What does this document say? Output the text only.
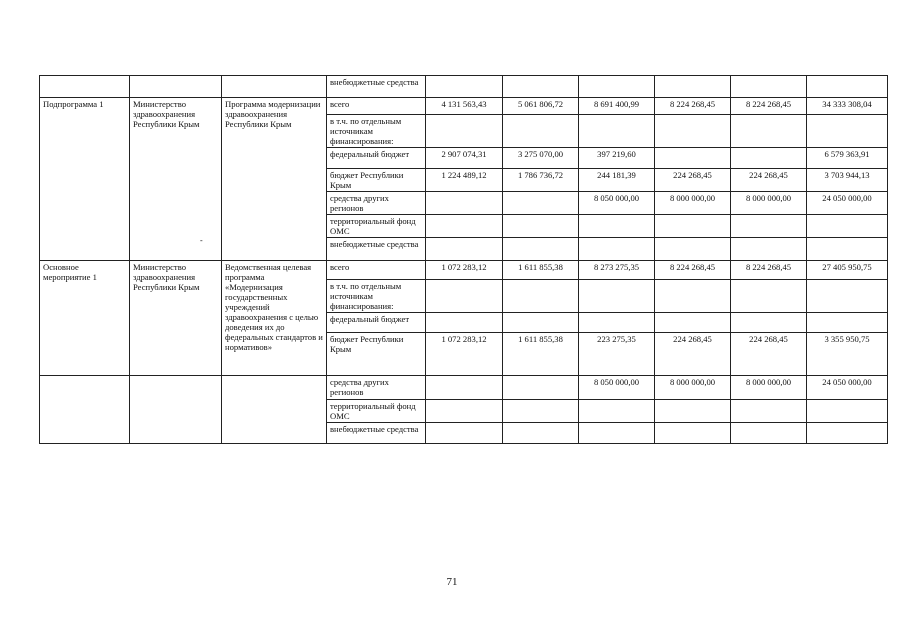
			внебюджетные средства						
Подпрограмма 1	Министерство здравоохранения Республики Крым	Программа модернизации здравоохранения Республики Крым	всего	4 131 563,43	5 061 806,72	8 691 400,99	8 224 268,45	8 224 268,45	34 333 308,04
			в т.ч. по отдельным источникам финансирования:						
			федеральный бюджет	2 907 074,31	3 275 070,00	397 219,60			6 579 363,91
			бюджет Республики Крым	1 224 489,12	1 786 736,72	244 181,39	224 268,45	224 268,45	3 703 944,13
			средства других регионов			8 050 000,00	8 000 000,00	8 000 000,00	24 050 000,00
			территориальный фонд ОМС						
			внебюджетные средства						
Основное мероприятие 1	Министерство здравоохранения Республики Крым	Ведомственная целевая программа «Модернизация государственных учреждений здравоохранения с целью доведения их до федеральных стандартов и нормативов»	всего	1 072 283,12	1 611 855,38	8 273 275,35	8 224 268,45	8 224 268,45	27 405 950,75
			в т.ч. по отдельным источникам финансирования:						
			федеральный бюджет						
			бюджет Республики Крым	1 072 283,12	1 611 855,38	223 275,35	224 268,45	224 268,45	3 355 950,75
			средства других регионов			8 050 000,00	8 000 000,00	8 000 000,00	24 050 000,00
			территориальный фонд ОМС						
			внебюджетные средства						
-
71
